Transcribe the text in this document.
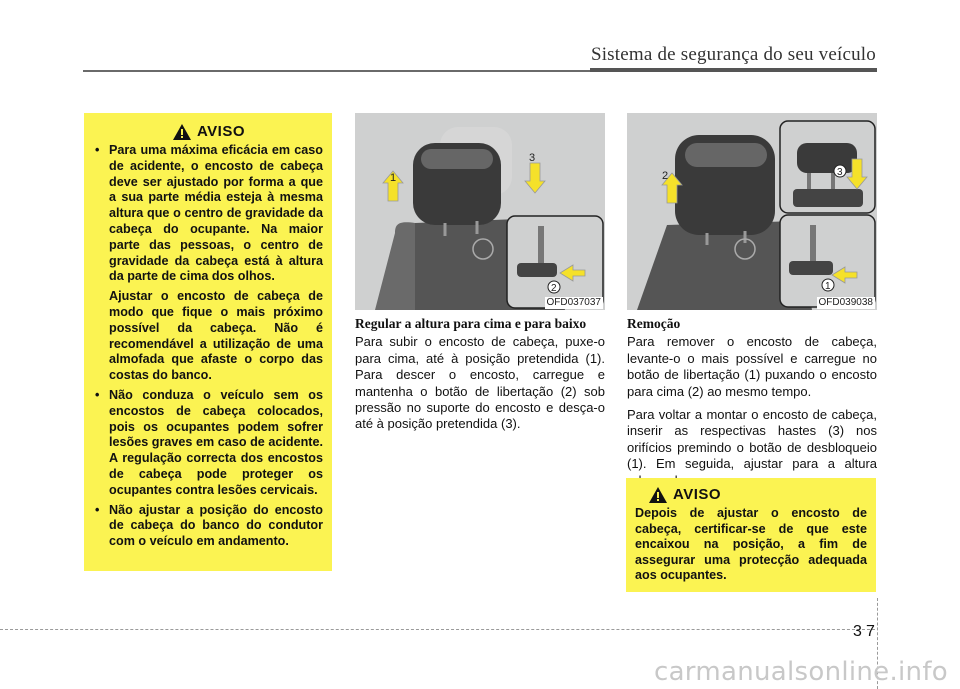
Sistema de segurança do seu veículo
AVISO
• Para uma máxima eficácia em caso de acidente, o encosto de cabeça deve ser ajustado por forma a que a sua parte média esteja à mesma altura que o centro de gravidade da cabeça do ocupante. Na maior parte das pessoas, o centro de gravidade da cabeça está à altura da parte de cima dos olhos.

Ajustar o encosto de cabeça de modo que fique o mais próximo possível da cabeça. Não é recomendável a utilização de uma almofada que afaste o corpo das costas do banco.

• Não conduza o veículo sem os encostos de cabeça colocados, pois os ocupantes podem sofrer lesões graves em caso de acidente. A regulação correcta dos encostos de cabeça pode proteger os ocupantes contra lesões cervicais.

• Não ajustar a posição do encosto de cabeça do banco do condutor com o veículo em andamento.

1
3
2
OFD037037
2	3
1
OFD039038
Regular a altura para cima e para baixo

Para subir o encosto de cabeça, puxe-o para cima, até à posição pretendida (1). Para descer o encosto, carregue e mantenha o botão de libertação (2) sob pressão no suporte do encosto e desça-o até à posição pretendida (3).

Remoção

Para remover o encosto de cabeça, levante-o o mais possível e carregue no botão de libertação (1) puxando o encosto para cima (2) ao mesmo tempo.

Para voltar a montar o encosto de cabeça, inserir as respectivas hastes (3) nos orifícios premindo o botão de desbloqueio (1). Em seguida, ajustar para a altura

AVISO
Depois de ajustar o encosto de cabeça, certificar-se de que este encaixou na posição, a fim de assegurar uma protecção adequada aos ocupantes.
3 7
carmanualsonline.info
